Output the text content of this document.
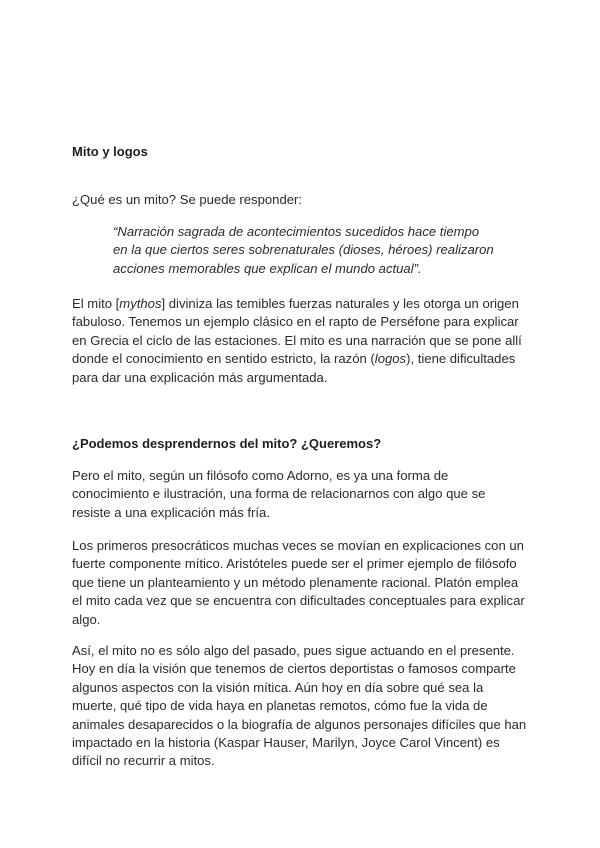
Mito y logos

¿Qué es un mito? Se puede responder:

“Narración sagrada de acontecimientos sucedidos hace tiempo
en la que ciertos seres sobrenaturales (dioses, héroes) realizaron
acciones memorables que explican el mundo actual”.

El mito [mythos] diviniza las temibles fuerzas naturales y les otorga un origen
fabuloso. Tenemos un ejemplo clásico en el rapto de Perséfone para explicar
en Grecia el ciclo de las estaciones. El mito es una narración que se pone allí
donde el conocimiento en sentido estricto, la razón (logos), tiene dificultades
para dar una explicación más argumentada.

¿Podemos desprendernos del mito? ¿Queremos?

Pero el mito, según un filósofo como Adorno, es ya una forma de
conocimiento e ilustración, una forma de relacionarnos con algo que se
resiste a una explicación más fría.

Los primeros presocráticos muchas veces se movían en explicaciones con un
fuerte componente mítico. Aristóteles puede ser el primer ejemplo de filósofo
que tiene un planteamiento y un método plenamente racional. Platón emplea
el mito cada vez que se encuentra con dificultades conceptuales para explicar
algo.

Así, el mito no es sólo algo del pasado, pues sigue actuando en el presente.
Hoy en día la visión que tenemos de ciertos deportistas o famosos comparte
algunos aspectos con la visión mítica. Aún hoy en día sobre qué sea la
muerte, qué tipo de vida haya en planetas remotos, cómo fue la vida de
animales desaparecidos o la biografía de algunos personajes difíciles que han
impactado en la historia (Kaspar Hauser, Marilyn, Joyce Carol Vincent) es
difícil no recurrir a mitos.
